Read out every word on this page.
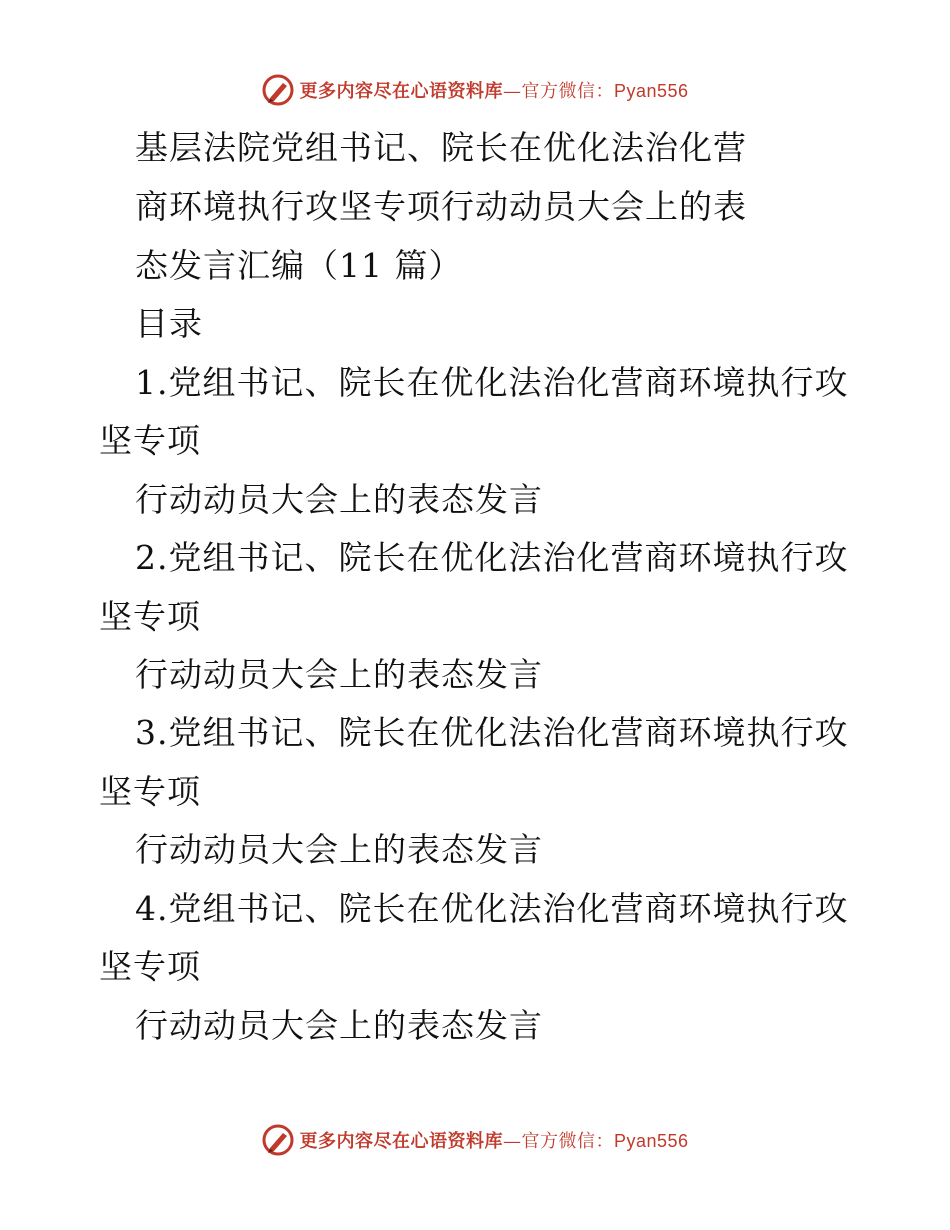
更多内容尽在心语资料库—官方微信：Pyan556
基层法院党组书记、院长在优化法治化营
商环境执行攻坚专项行动动员大会上的表
态发言汇编（11 篇）
目录
1.党组书记、院长在优化法治化营商环境执行攻
坚专项
行动动员大会上的表态发言
2.党组书记、院长在优化法治化营商环境执行攻
坚专项
行动动员大会上的表态发言
3.党组书记、院长在优化法治化营商环境执行攻
坚专项
行动动员大会上的表态发言
4.党组书记、院长在优化法治化营商环境执行攻
坚专项
行动动员大会上的表态发言
更多内容尽在心语资料库—官方微信：Pyan556
